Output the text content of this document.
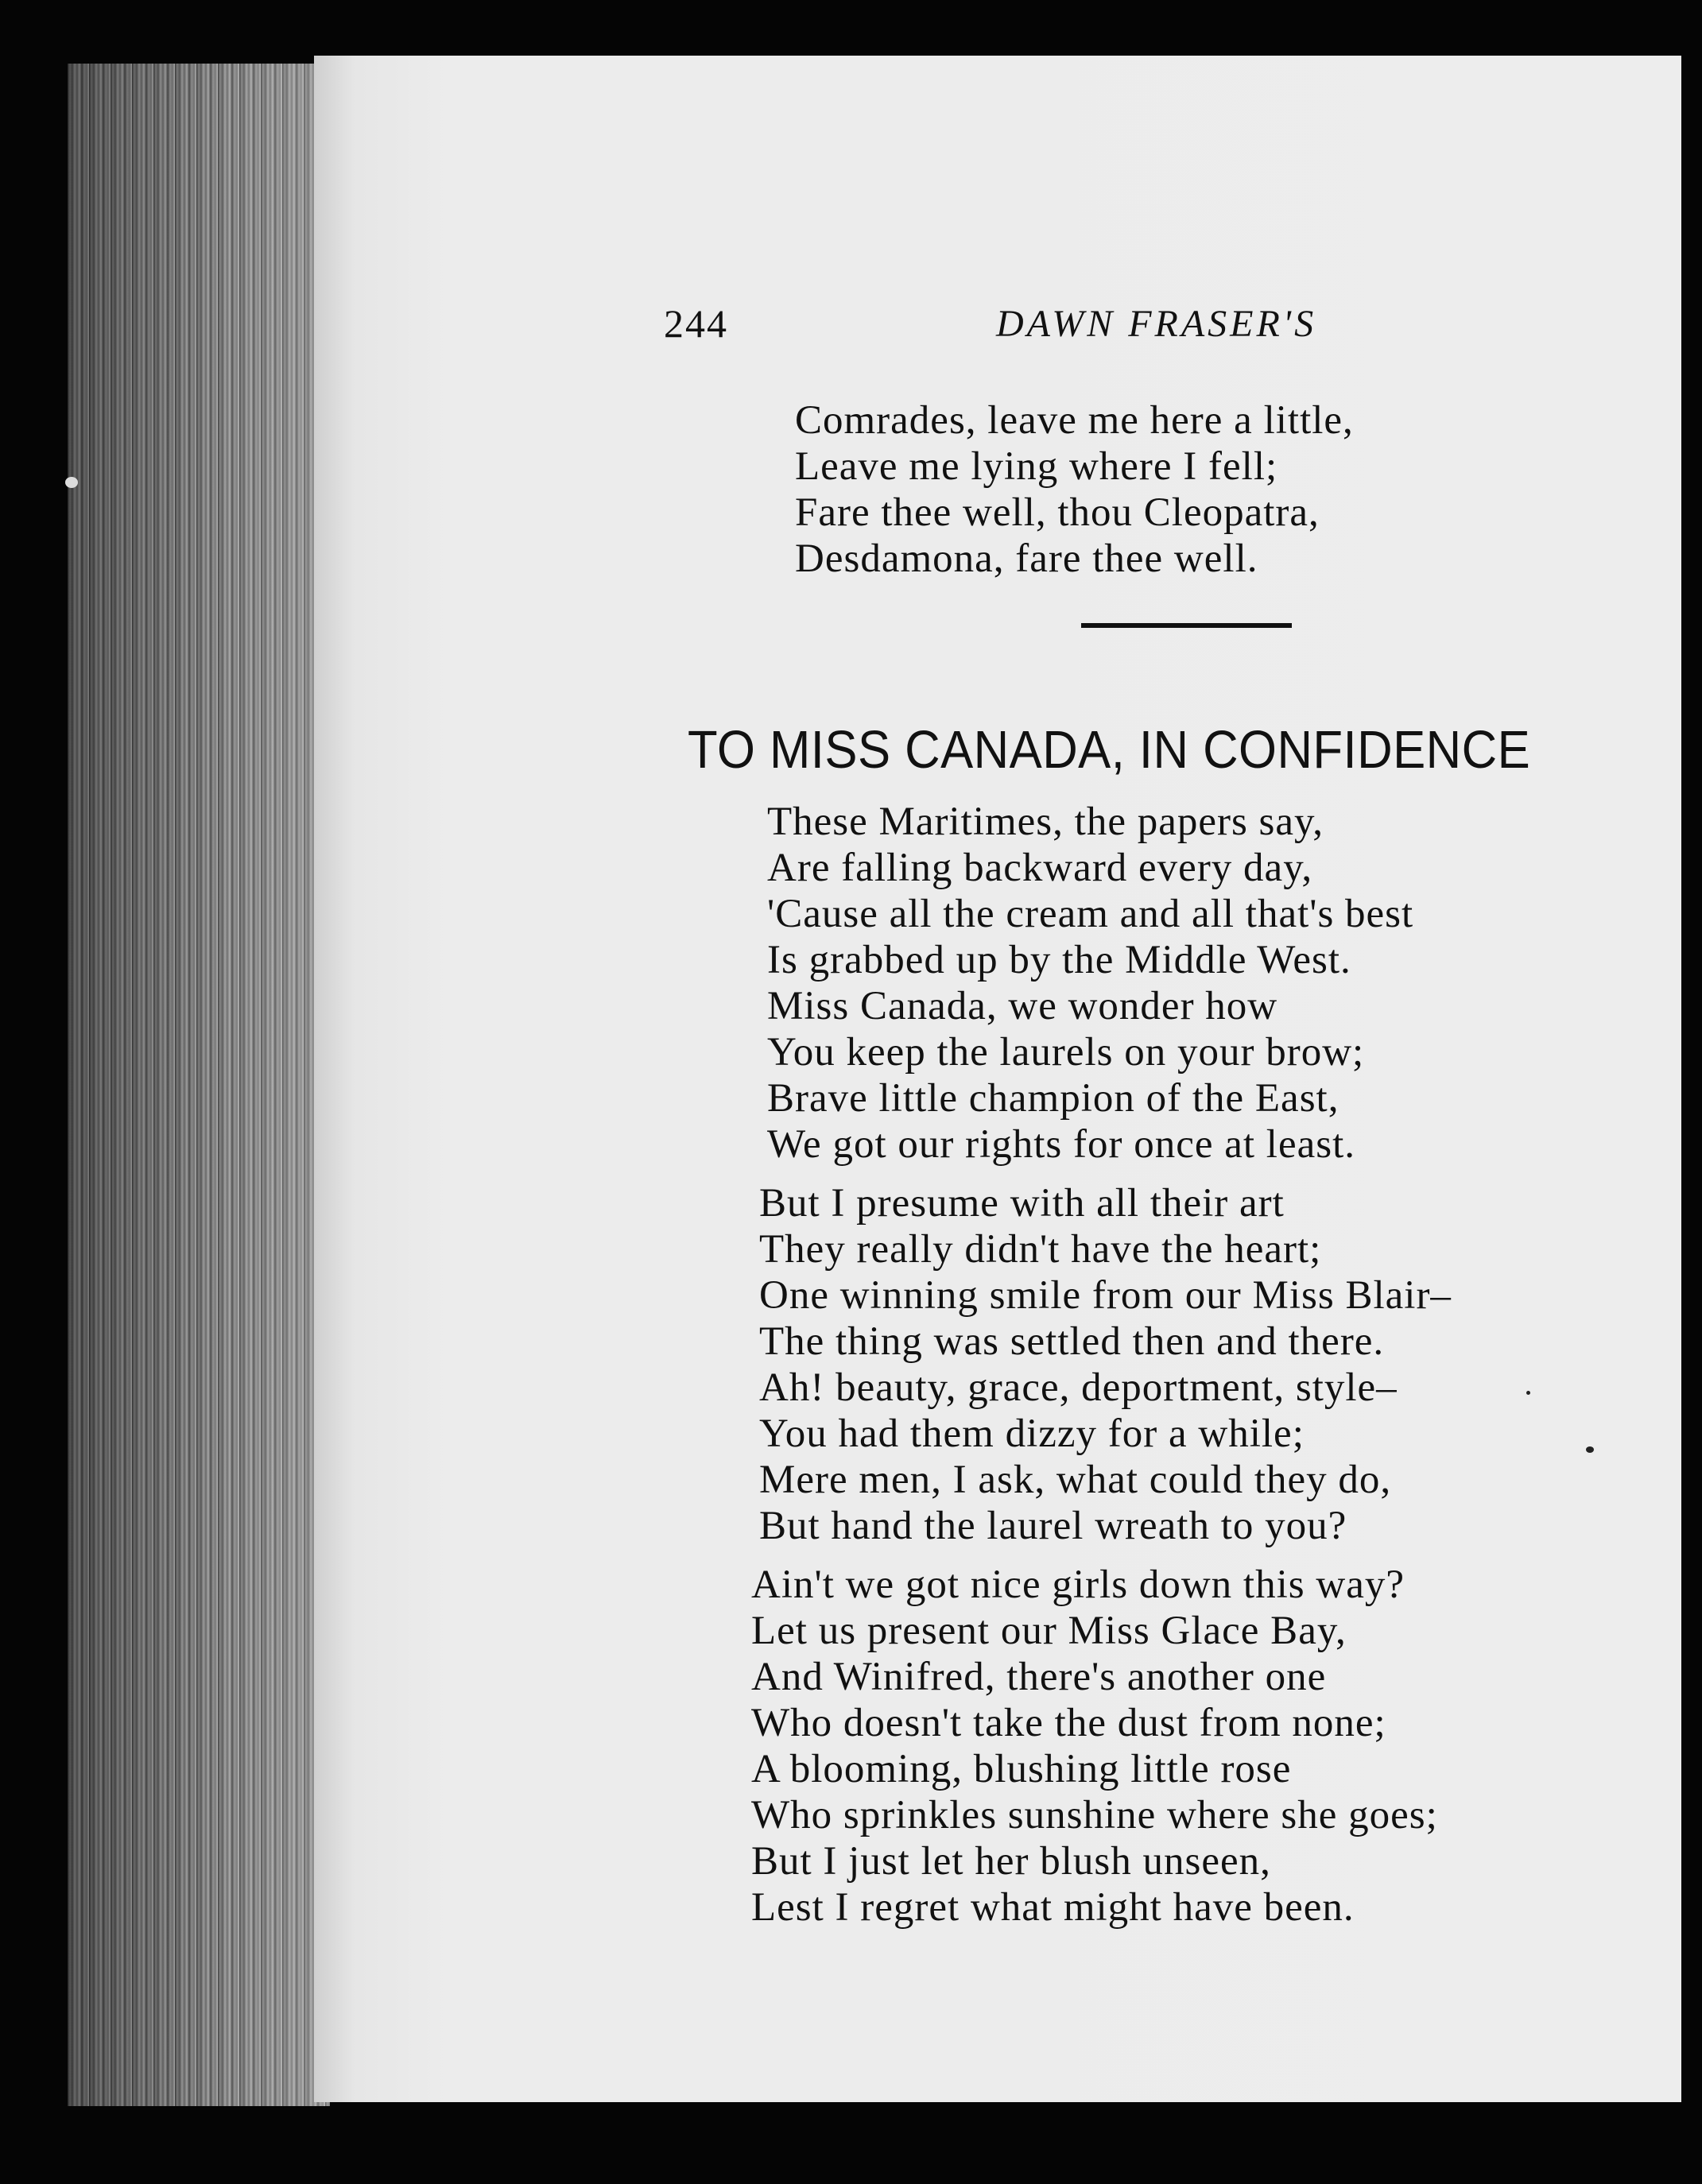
244	DAWN FRASER'S
Comrades, leave me here a little,
Leave me lying where I fell;
Fare thee well, thou Cleopatra,
Desdamona, fare thee well.
TO MISS CANADA, IN CONFIDENCE
These Maritimes, the papers say,
Are falling backward every day,
'Cause all the cream and all that's best
Is grabbed up by the Middle West.
Miss Canada, we wonder how
You keep the laurels on your brow;
Brave little champion of the East,
We got our rights for once at least.
But I presume with all their art
They really didn't have the heart;
One winning smile from our Miss Blair–
The thing was settled then and there.
Ah! beauty, grace, deportment, style–
You had them dizzy for a while;
Mere men, I ask, what could they do,
But hand the laurel wreath to you?
Ain't we got nice girls down this way?
Let us present our Miss Glace Bay,
And Winifred, there's another one
Who doesn't take the dust from none;
A blooming, blushing little rose
Who sprinkles sunshine where she goes;
But I just let her blush unseen,
Lest I regret what might have been.
